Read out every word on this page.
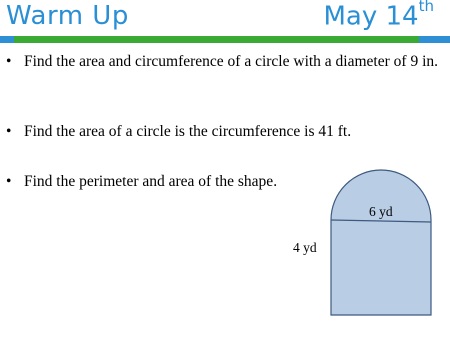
Warm Up	May 14th
• Find the area and circumference of a circle with a diameter of 9 in.
• Find the area of a circle is the circumference is 41 ft.
• Find the perimeter and area of the shape.
6 yd
4 yd
